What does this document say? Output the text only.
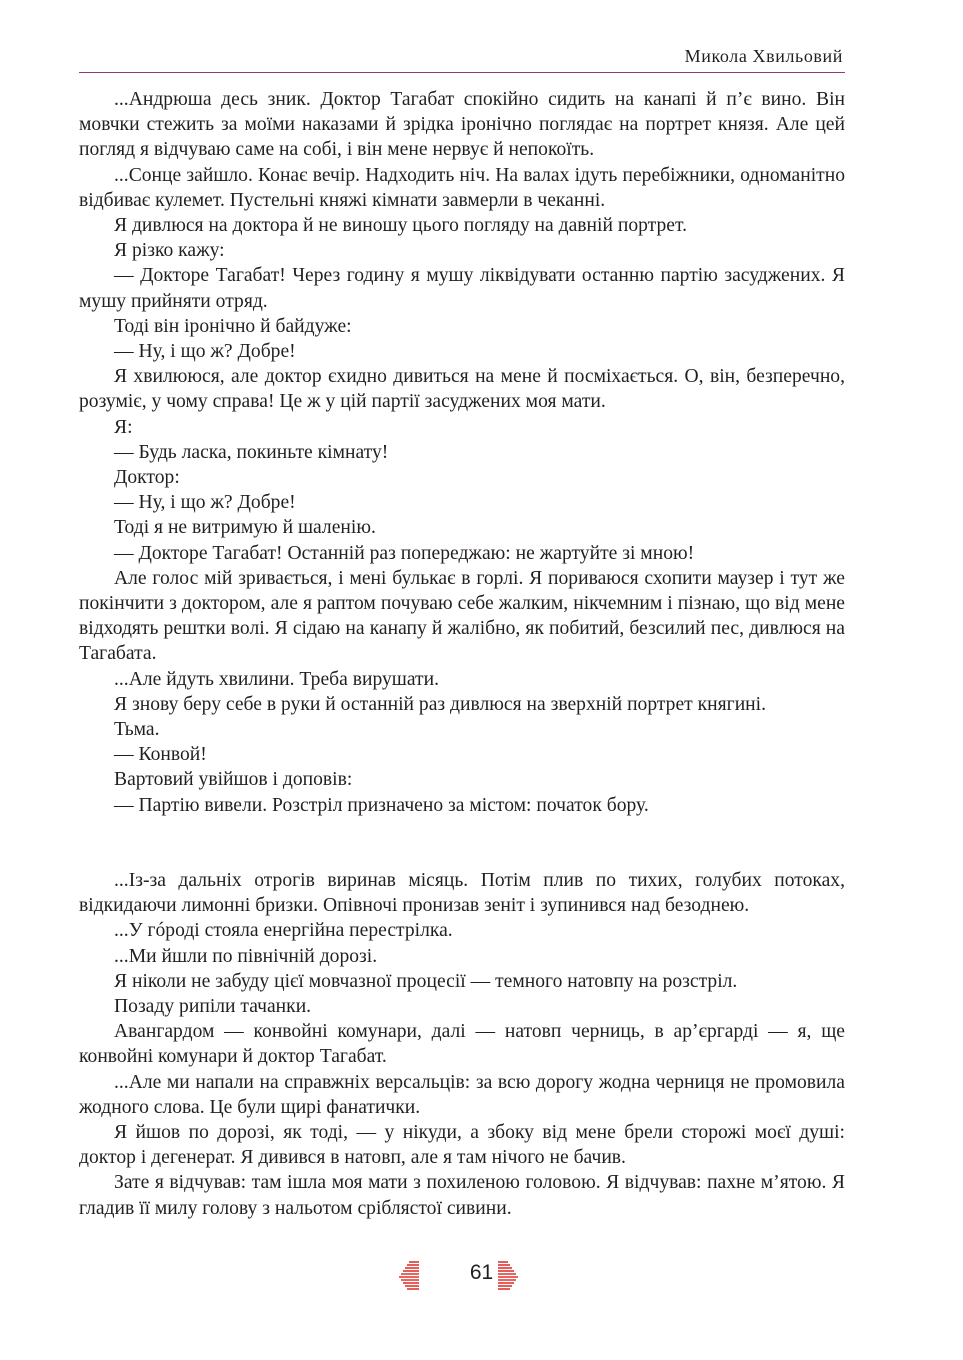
Микола Хвильовий

...Андрюша десь зник. Доктор Тагабат спокійно сидить на канапі й п’є вино. Він мовчки стежить за моїми наказами й зрідка іронічно поглядає на портрет князя. Але цей погляд я відчуваю саме на собі, і він мене нервує й непокоїть.

...Сонце зайшло. Конає вечір. Надходить ніч. На валах ідуть перебіжники, одноманітно відбиває кулемет. Пустельні княжі кімнати завмерли в чеканні.

Я дивлюся на доктора й не виношу цього погляду на давній портрет.

Я різко кажу:

— Докторе Тагабат! Через годину я мушу ліквідувати останню партію засуджених. Я мушу прийняти отряд.

Тоді він іронічно й байдуже:

— Ну, і що ж? Добре!

Я хвилююся, але доктор єхидно дивиться на мене й посміхається. О, він, безперечно, розуміє, у чому справа! Це ж у цій партії засуджених моя мати.

Я:

— Будь ласка, покиньте кімнату!

Доктор:

— Ну, і що ж? Добре!

Тоді я не витримую й шаленію.

— Докторе Тагабат! Останній раз попереджаю: не жартуйте зі мною!

Але голос мій зривається, і мені булькає в горлі. Я пориваюся схопити маузер і тут же покінчити з доктором, але я раптом почуваю себе жалким, нікчемним і пізнаю, що від мене відходять рештки волі. Я сідаю на канапу й жалібно, як побитий, безсилий пес, дивлюся на Тагабата.

...Але йдуть хвилини. Треба вирушати.

Я знову беру себе в руки й останній раз дивлюся на зверхній портрет княгині.

Тьма.

— Конвой!

Вартовий увійшов і доповів:

— Партію вивели. Розстріл призначено за містом: початок бору.

...Із-за дальніх отрогів виринав місяць. Потім плив по тихих, голубих потоках, відкидаючи лимонні бризки. Опівночі пронизав зеніт і зупинився над безоднею.

...У гóроді стояла енергійна перестрілка.

...Ми йшли по північній дорозі.

Я ніколи не забуду цієї мовчазної процесії — темного натовпу на розстріл.

Позаду рипіли тачанки.

Авангардом — конвойні комунари, далі — натовп черниць, в ар’єргарді — я, ще конвойні комунари й доктор Тагабат.

...Але ми напали на справжніх версальців: за всю дорогу жодна черниця не промовила жодного слова. Це були щирі фанатички.

Я йшов по дорозі, як тоді, — у нікуди, а збоку від мене брели сторожі моєї душі: доктор і дегенерат. Я дивився в натовп, але я там нічого не бачив.

Зате я відчував: там ішла моя мати з похиленою головою. Я відчував: пахне м’ятою. Я гладив її милу голову з нальотом сріблястої сивини.

61
